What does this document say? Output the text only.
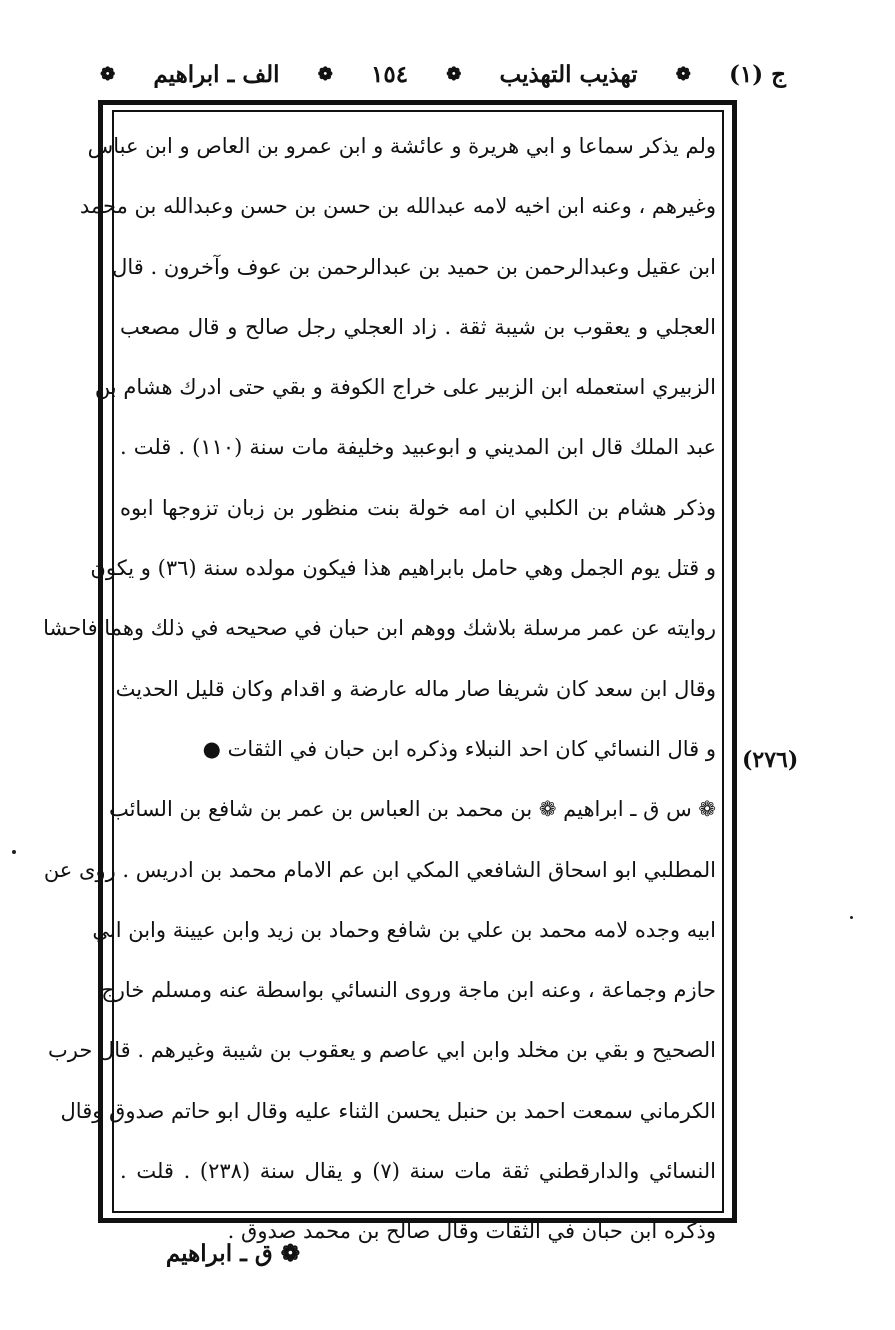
ج (١)
❁
تهذيب التهذيب
❁
١٥٤
❁
الف ـ ابراهيم
❁
ولم يذكر سماعا و ابي هريرة و عائشة و ابن عمرو بن العاص و ابن عباس
وغيرهم ، وعنه ابن اخيه لامه عبدالله بن حسن بن حسن وعبدالله بن محمد
ابن عقيل وعبدالرحمن بن حميد بن عبدالرحمن بن عوف وآخرون . قال
العجلي و يعقوب بن شيبة ثقة . زاد العجلي رجل صالح و قال مصعب
الزبيري استعمله ابن الزبير على خراج الكوفة و بقي حتى ادرك هشام بن
عبد الملك قال ابن المديني و ابوعبيد وخليفة مات سنة (١١٠) . قلت .
وذكر هشام بن الكلبي ان امه خولة بنت منظور بن زبان تزوجها ابوه
و قتل يوم الجمل وهي حامل بابراهيم هذا فيكون مولده سنة (٣٦) و يكون
روايته عن عمر مرسلة بلاشك ووهم ابن حبان في صحيحه في ذلك وهما فاحشا
وقال ابن سعد كان شريفا صار ماله عارضة و اقدام وكان قليل الحديث
و قال النسائي كان احد النبلاء وذكره ابن حبان في الثقات ●
❁ س ق ـ ابراهيم ❁ بن محمد بن العباس بن عمر بن شافع بن السائب
المطلبي ابو اسحاق الشافعي المكي ابن عم الامام محمد بن ادريس . روى عن
ابيه وجده لامه محمد بن علي بن شافع وحماد بن زيد وابن عيينة وابن ابي
حازم وجماعة ، وعنه ابن ماجة وروى النسائي بواسطة عنه ومسلم خارج
الصحيح و بقي بن مخلد وابن ابي عاصم و يعقوب بن شيبة وغيرهم . قال حرب
الكرماني سمعت احمد بن حنبل يحسن الثناء عليه وقال ابو حاتم صدوق وقال
النسائي والدارقطني ثقة مات سنة (٧) و يقال سنة (٢٣٨) . قلت .
وذكره ابن حبان في الثقات وقال صالح بن محمد صدوق .
(٢٧٦)
❁ ق ـ ابراهيم
